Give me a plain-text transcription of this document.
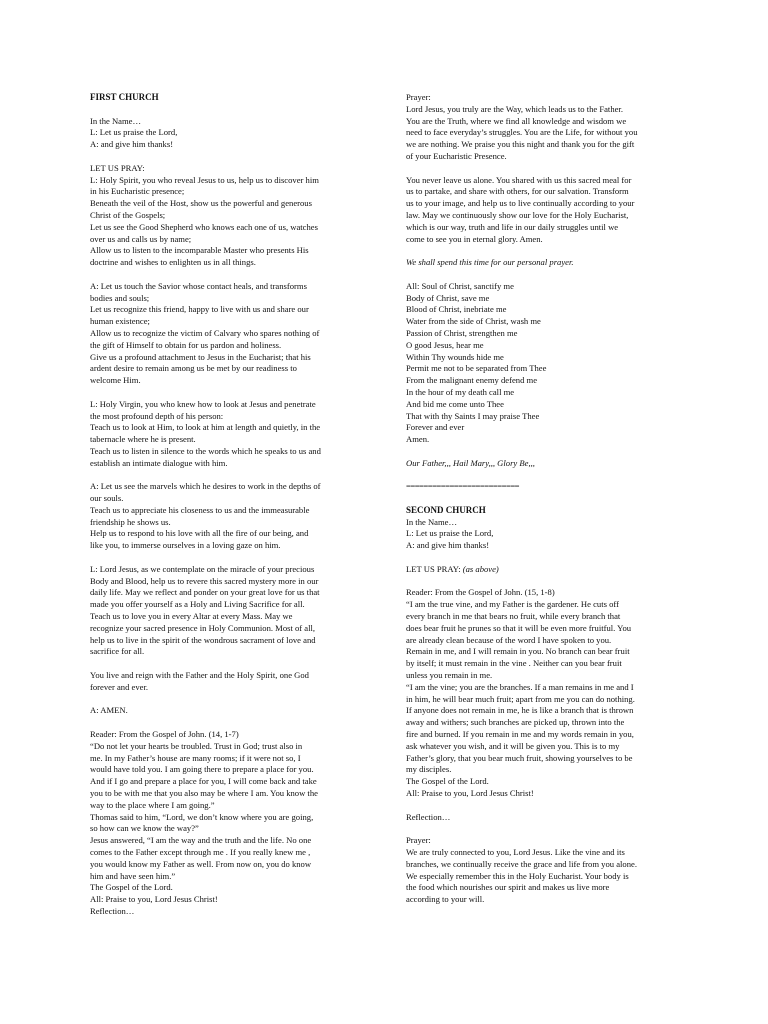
FIRST CHURCH
In the Name…
L: Let us praise the Lord,
A: and give him thanks!
LET US PRAY:
L: Holy Spirit, you who reveal Jesus to us, help us to discover him
in his Eucharistic presence;
Beneath the veil of the Host, show us the powerful and generous
Christ of the Gospels;
Let us see the Good Shepherd who knows each one of us, watches
over us and calls us by name;
Allow us to listen to the incomparable Master who presents His
doctrine and wishes to enlighten us in all things.
A: Let us touch the Savior whose contact heals, and transforms
bodies and souls;
Let us recognize this friend, happy to live with us and share our
human existence;
Allow us to recognize the victim of Calvary who spares nothing of
the gift of Himself to obtain for us pardon and holiness.
Give us a profound attachment to Jesus in the Eucharist; that his
ardent desire to remain among us be met by our readiness to
welcome Him.
L: Holy Virgin, you who knew how to look at Jesus and penetrate
the most profound depth of his person:
Teach us to look at Him, to look at him at length and quietly, in the
tabernacle where he is present.
Teach us to listen in silence to the words which he speaks to us and
establish an intimate dialogue with him.
A: Let us see the marvels which he desires to work in the depths of
our souls.
Teach us to appreciate his closeness to us and the immeasurable
friendship he shows us.
Help us to respond to his love with all the fire of our being, and
like you, to immerse ourselves in a loving gaze on him.
L: Lord Jesus, as we contemplate on the miracle of your precious
Body and Blood, help us to revere this sacred mystery more in our
daily life. May we reflect and ponder on your great love for us that
made you offer yourself as a Holy and Living Sacrifice for all.
Teach us to love you in every Altar at every Mass. May we
recognize your sacred presence in Holy Communion. Most of all,
help us to live in the spirit of the wondrous sacrament of love and
sacrifice for all.
You live and reign with the Father and the Holy Spirit, one God
forever and ever.
A: AMEN.
Reader: From the Gospel of John. (14, 1-7)
“Do not let your hearts be troubled. Trust in God; trust also in
me. In my Father’s house are many rooms; if it were not so, I
would have told you. I am going there to prepare a place for you.
And if I go and prepare a place for you, I will come back and take
you to be with me that you also may be where I am. You know the
way to the place where I am going.”
Thomas said to him, “Lord, we don’t know where you are going,
so how can we know the way?”
Jesus answered, “I am the way and the truth and the life. No one
comes to the Father except through me . If you really knew me ,
you would know my Father as well. From now on, you do know
him and have seen him.”
The Gospel of the Lord.
All: Praise to you, Lord Jesus Christ!
Reflection…
Prayer:
Lord Jesus, you truly are the Way, which leads us to the Father.
You are the Truth, where we find all knowledge and wisdom we
need to face everyday’s struggles. You are the Life, for without you
we are nothing. We praise you this night and thank you for the gift
of your Eucharistic Presence.
You never leave us alone. You shared with us this sacred meal for
us to partake, and share with others, for our salvation. Transform
us to your image, and help us to live continually according to your
law. May we continuously show our love for the Holy Eucharist,
which is our way, truth and life in our daily struggles until we
come to see you in eternal glory. Amen.
We shall spend this time for our personal prayer.
All: Soul of Christ, sanctify me
Body of Christ, save me
Blood of Christ, inebriate me
Water from the side of Christ, wash me
Passion of Christ, strengthen me
O good Jesus, hear me
Within Thy wounds hide me
Permit me not to be separated from Thee
From the malignant enemy defend me
In the hour of my death call me
And bid me come unto Thee
That with thy Saints I may praise Thee
Forever and ever
Amen.
Our Father,,, Hail Mary,,, Glory Be,,,
==========================
SECOND CHURCH
In the Name…
L: Let us praise the Lord,
A: and give him thanks!
LET US PRAY: (as above)
Reader: From the Gospel of John. (15, 1-8)
“I am the true vine, and my Father is the gardener. He cuts off
every branch in me that bears no fruit, while every branch that
does bear fruit he prunes so that it will be even more fruitful. You
are already clean because of the word I have spoken to you.
Remain in me, and I will remain in you. No branch can bear fruit
by itself; it must remain in the vine . Neither can you bear fruit
unless you remain in me.
“I am the vine; you are the branches. If a man remains in me and I
in him, he will bear much fruit; apart from me you can do nothing.
If anyone does not remain in me, he is like a branch that is thrown
away and withers; such branches are picked up, thrown into the
fire and burned. If you remain in me and my words remain in you,
ask whatever you wish, and it will be given you. This is to my
Father’s glory, that you bear much fruit, showing yourselves to be
my disciples.
The Gospel of the Lord.
All: Praise to you, Lord Jesus Christ!
Reflection…
Prayer:
We are truly connected to you, Lord Jesus. Like the vine and its
branches, we continually receive the grace and life from you alone.
We especially remember this in the Holy Eucharist. Your body is
the food which nourishes our spirit and makes us live more
according to your will.
